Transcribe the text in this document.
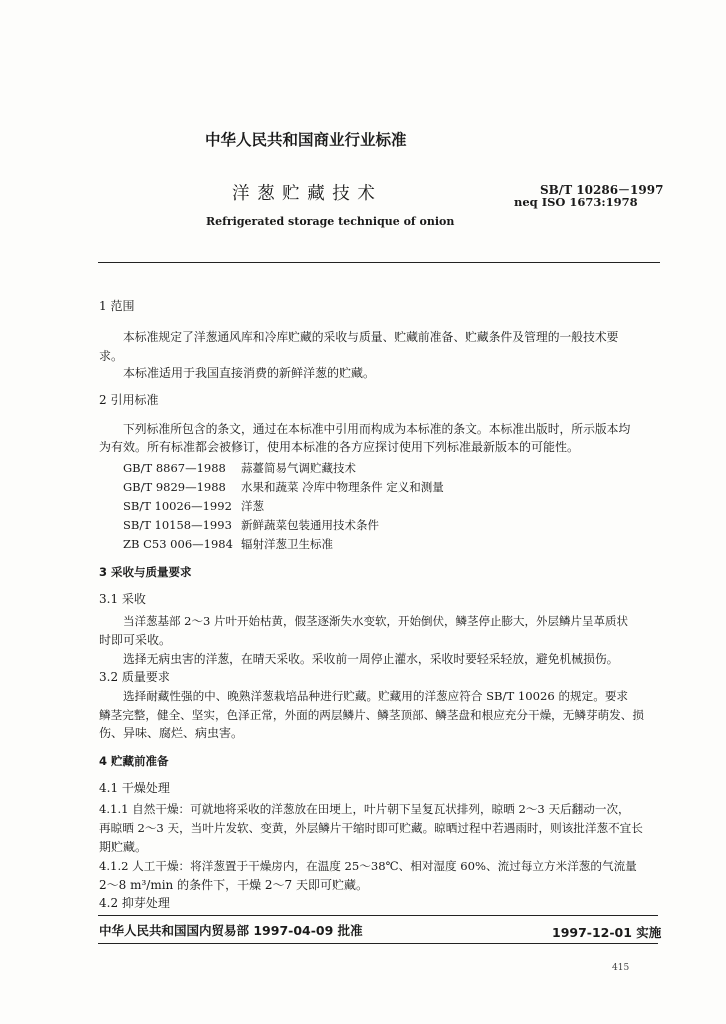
中华人民共和国商业行业标准
洋 葱 贮 藏 技 术	SB/T 10286－1997
neq ISO 1673:1978
Refrigerated storage technique of onion
1 范围
本标准规定了洋葱通风库和冷库贮藏的采收与质量、贮藏前准备、贮藏条件及管理的一般技术要
求。
本标准适用于我国直接消费的新鲜洋葱的贮藏。
2 引用标准
下列标准所包含的条文，通过在本标准中引用而构成为本标准的条文。本标准出版时，所示版本均
为有效。所有标准都会被修订，使用本标准的各方应探讨使用下列标准最新版本的可能性。
GB/T 8867—1988 蒜薹简易气调贮藏技术
GB/T 9829—1988 水果和蔬菜 冷库中物理条件 定义和测量
SB/T 10026—1992 洋葱
SB/T 10158—1993 新鲜蔬菜包装通用技术条件
ZB C53 006—1984 辐射洋葱卫生标准
3 采收与质量要求
3.1 采收
当洋葱基部 2～3 片叶开始枯黄，假茎逐渐失水变软，开始倒伏，鳞茎停止膨大，外层鳞片呈革质状
时即可采收。
选择无病虫害的洋葱，在晴天采收。采收前一周停止灌水，采收时要轻采轻放，避免机械损伤。
3.2 质量要求
选择耐藏性强的中、晚熟洋葱栽培品种进行贮藏。贮藏用的洋葱应符合 SB/T 10026 的规定。要求
鳞茎完整，健全、坚实，色泽正常，外面的两层鳞片、鳞茎顶部、鳞茎盘和根应充分干燥，无鳞芽萌发、损
伤、异味、腐烂、病虫害。
4 贮藏前准备
4.1 干燥处理
4.1.1 自然干燥：可就地将采收的洋葱放在田埂上，叶片朝下呈复瓦状排列，晾晒 2～3 天后翻动一次，
再晾晒 2～3 天，当叶片发软、变黄，外层鳞片干缩时即可贮藏。晾晒过程中若遇雨时，则该批洋葱不宜长
期贮藏。
4.1.2 人工干燥：将洋葱置于干燥房内，在温度 25～38℃、相对湿度 60%、流过每立方米洋葱的气流量
2～8 m³/min 的条件下，干燥 2～7 天即可贮藏。
4.2 抑芽处理
中华人民共和国国内贸易部 1997-04-09 批准	1997-12-01 实施
415
